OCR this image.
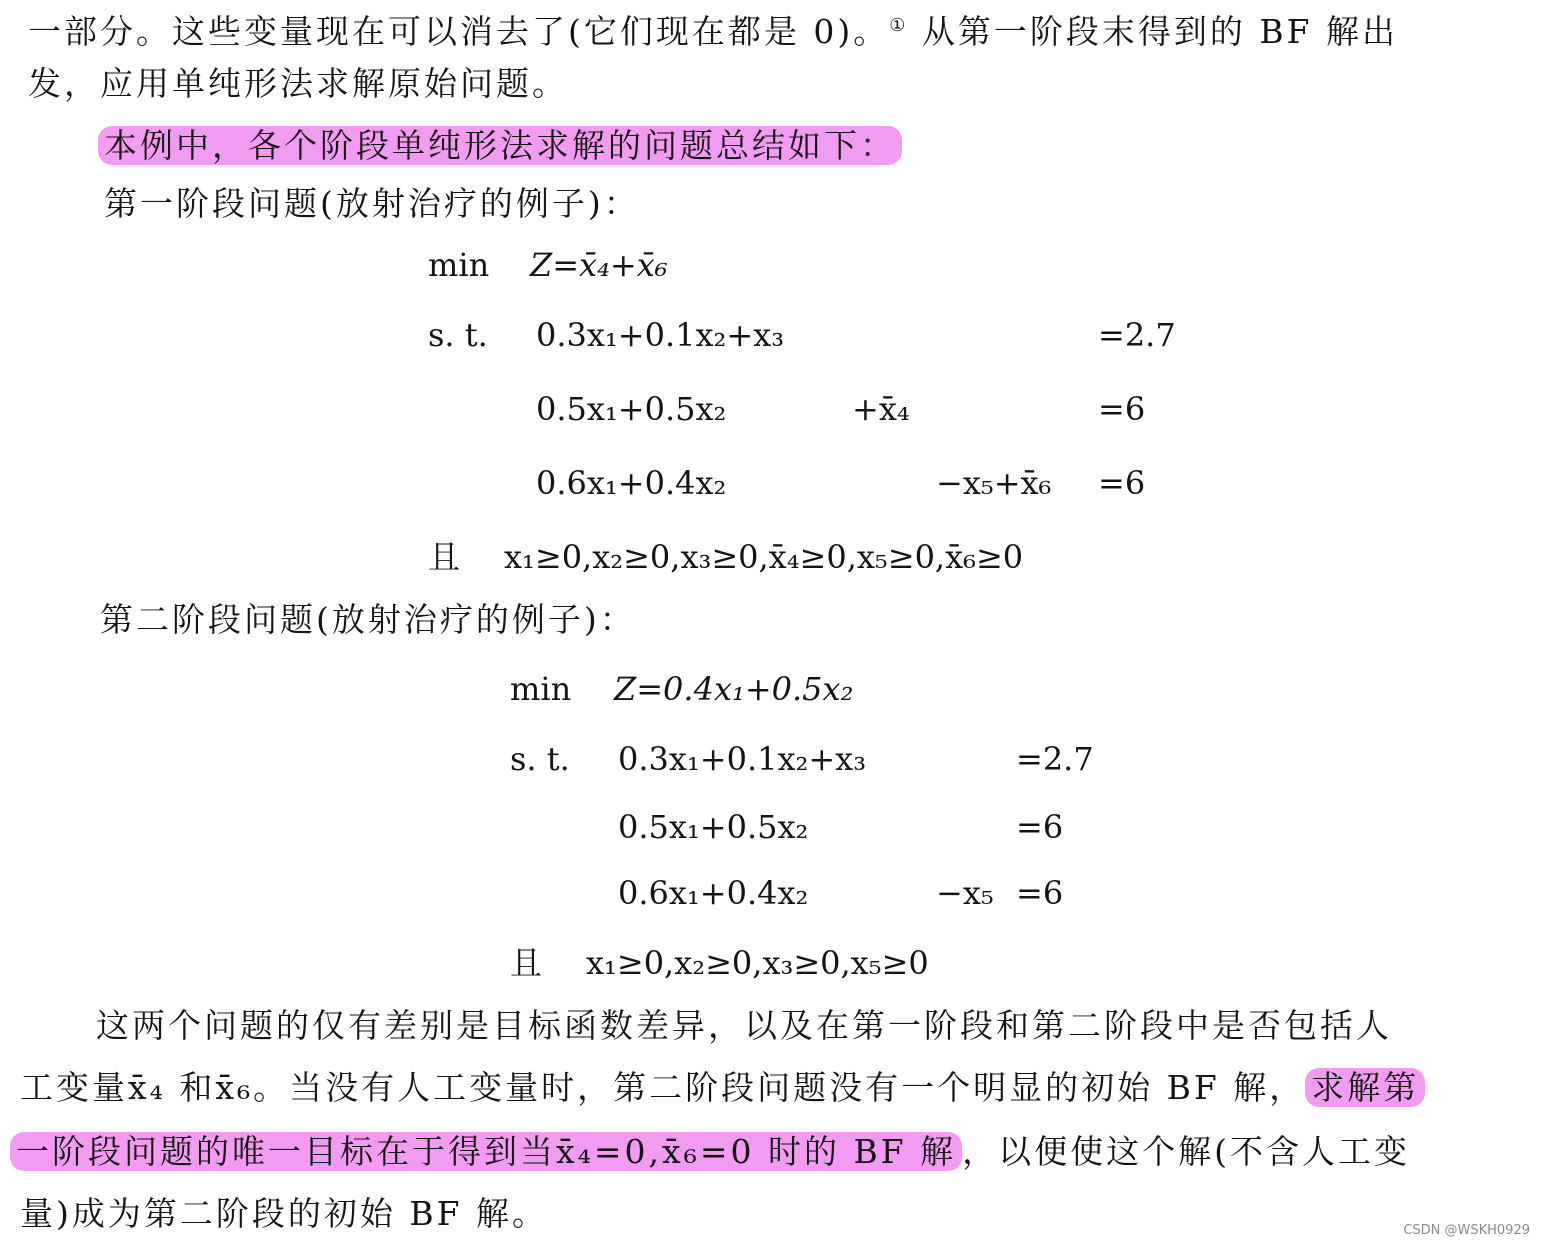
一部分。这些变量现在可以消去了(它们现在都是 0)。① 从第一阶段末得到的 BF 解出
发，应用单纯形法求解原始问题。
本例中，各个阶段单纯形法求解的问题总结如下：
第一阶段问题(放射治疗的例子)：
min Z=x̄₄+x̄₆
s. t. 0.3x₁+0.1x₂+x₃	=2.7
0.5x₁+0.5x₂	+x̄₄	=6
0.6x₁+0.4x₂	−x₅+x̄₆ =6
且 x₁≥0,x₂≥0,x₃≥0,x̄₄≥0,x₅≥0,x̄₆≥0
第二阶段问题(放射治疗的例子)：
min Z=0.4x₁+0.5x₂
s. t. 0.3x₁+0.1x₂+x₃	=2.7
0.5x₁+0.5x₂	=6
0.6x₁+0.4x₂	−x₅ =6
且 x₁≥0,x₂≥0,x₃≥0,x₅≥0
这两个问题的仅有差别是目标函数差异，以及在第一阶段和第二阶段中是否包括人
工变量x̄₄ 和x̄₆。当没有人工变量时，第二阶段问题没有一个明显的初始 BF 解， 求解第
一阶段问题的唯一目标在于得到当x̄₄=0,x̄₆=0 时的 BF 解 ，以便使这个解(不含人工变
量)成为第二阶段的初始 BF 解。	CSDN @WSKH0929
